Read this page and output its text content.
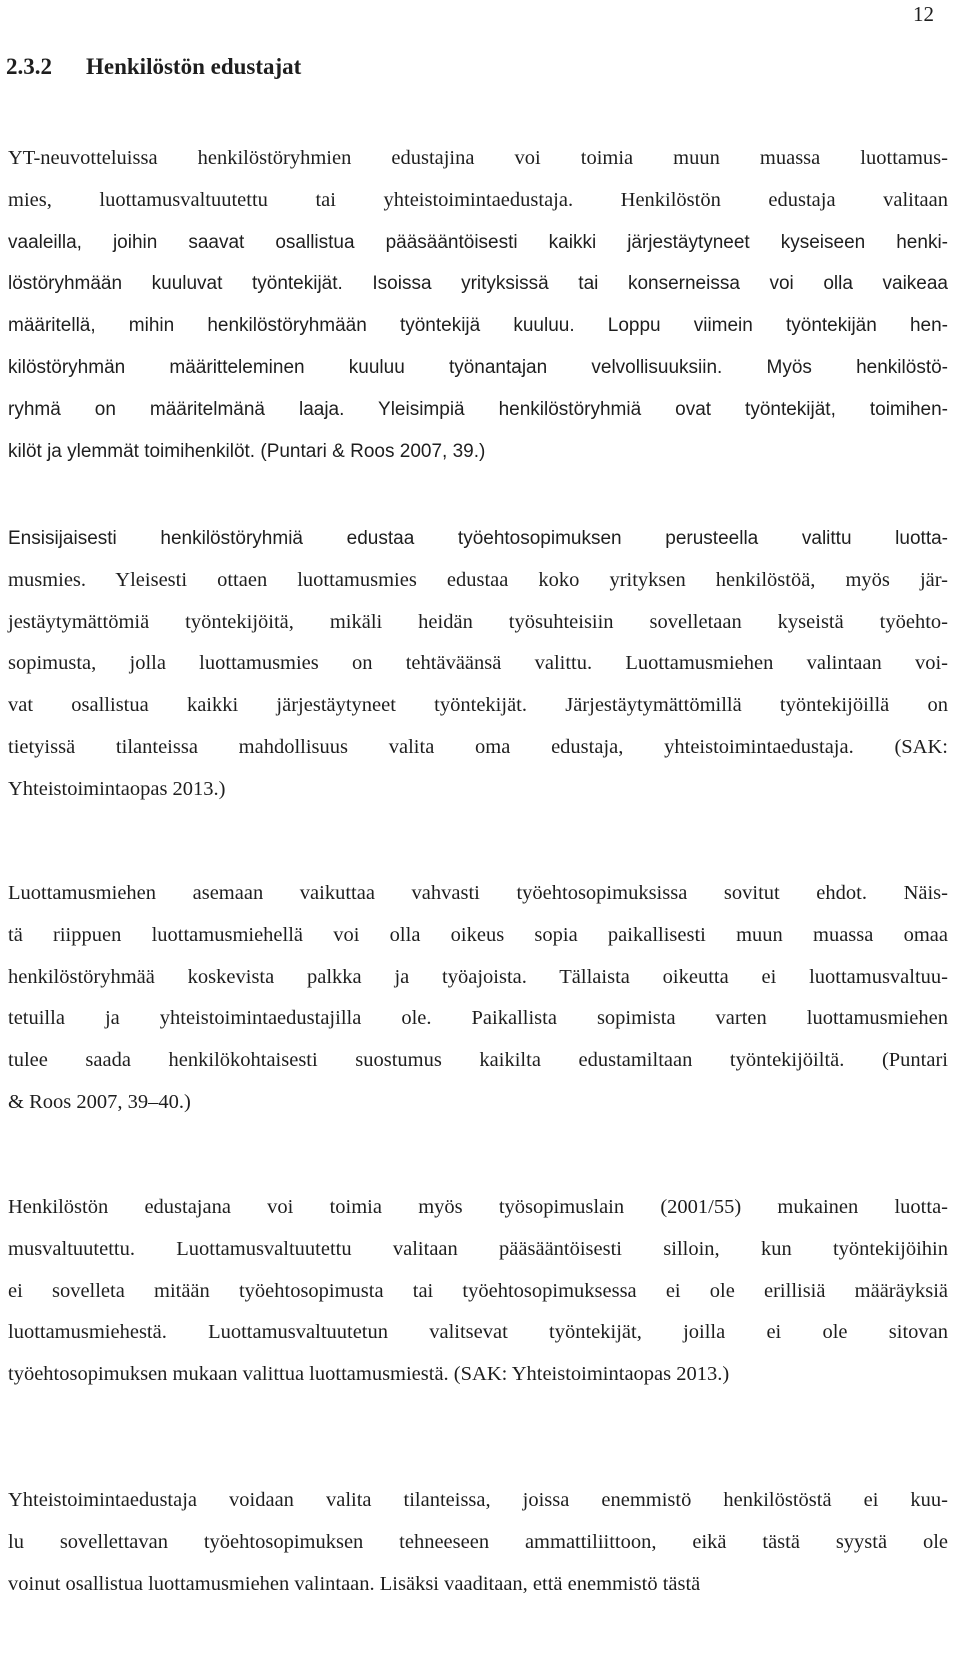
12
2.3.2 Henkilöstön edustajat
YT-neuvotteluissa henkilöstöryhmien edustajina voi toimia muun muassa luottamus-
mies, luottamusvaltuutettu tai yhteistoimintaedustaja. Henkilöstön edustaja valitaan
vaaleilla, joihin saavat osallistua pääsääntöisesti kaikki järjestäytyneet kyseiseen henki-
löstöryhmään kuuluvat työntekijät. Isoissa yrityksissä tai konserneissa voi olla vaikeaa
määritellä, mihin henkilöstöryhmään työntekijä kuuluu. Loppu viimein työntekijän hen-
kilöstöryhmän määritteleminen kuuluu työnantajan velvollisuuksiin. Myös henkilöstö-
ryhmä on määritelmänä laaja. Yleisimpiä henkilöstöryhmiä ovat työntekijät, toimihen-
kilöt ja ylemmät toimihenkilöt. (Puntari & Roos 2007, 39.)
Ensisijaisesti henkilöstöryhmiä edustaa työehtosopimuksen perusteella valittu luotta-
musmies. Yleisesti ottaen luottamusmies edustaa koko yrityksen henkilöstöä, myös jär-
jestäytymättömiä työntekijöitä, mikäli heidän työsuhteisiin sovelletaan kyseistä työehto-
sopimusta, jolla luottamusmies on tehtäväänsä valittu. Luottamusmiehen valintaan voi-
vat osallistua kaikki järjestäytyneet työntekijät. Järjestäytymättömillä työntekijöillä on
tietyissä tilanteissa mahdollisuus valita oma edustaja, yhteistoimintaedustaja. (SAK:
Yhteistoimintaopas 2013.)
Luottamusmiehen asemaan vaikuttaa vahvasti työehtosopimuksissa sovitut ehdot. Näis-
tä riippuen luottamusmiehellä voi olla oikeus sopia paikallisesti muun muassa omaa
henkilöstöryhmää koskevista palkka ja työajoista. Tällaista oikeutta ei luottamusvaltuu-
tetuilla ja yhteistoimintaedustajilla ole. Paikallista sopimista varten luottamusmiehen
tulee saada henkilökohtaisesti suostumus kaikilta edustamiltaan työntekijöiltä. (Puntari
& Roos 2007, 39–40.)
Henkilöstön edustajana voi toimia myös työsopimuslain (2001/55) mukainen luotta-
musvaltuutettu. Luottamusvaltuutettu valitaan pääsääntöisesti silloin, kun työntekijöihin
ei sovelleta mitään työehtosopimusta tai työehtosopimuksessa ei ole erillisiä määräyksiä
luottamusmiehestä. Luottamusvaltuutetun valitsevat työntekijät, joilla ei ole sitovan
työehtosopimuksen mukaan valittua luottamusmiestä. (SAK: Yhteistoimintaopas 2013.)
Yhteistoimintaedustaja voidaan valita tilanteissa, joissa enemmistö henkilöstöstä ei kuu-
lu sovellettavan työehtosopimuksen tehneeseen ammattiliittoon, eikä tästä syystä ole
voinut osallistua luottamusmiehen valintaan. Lisäksi vaaditaan, että enemmistö tästä
